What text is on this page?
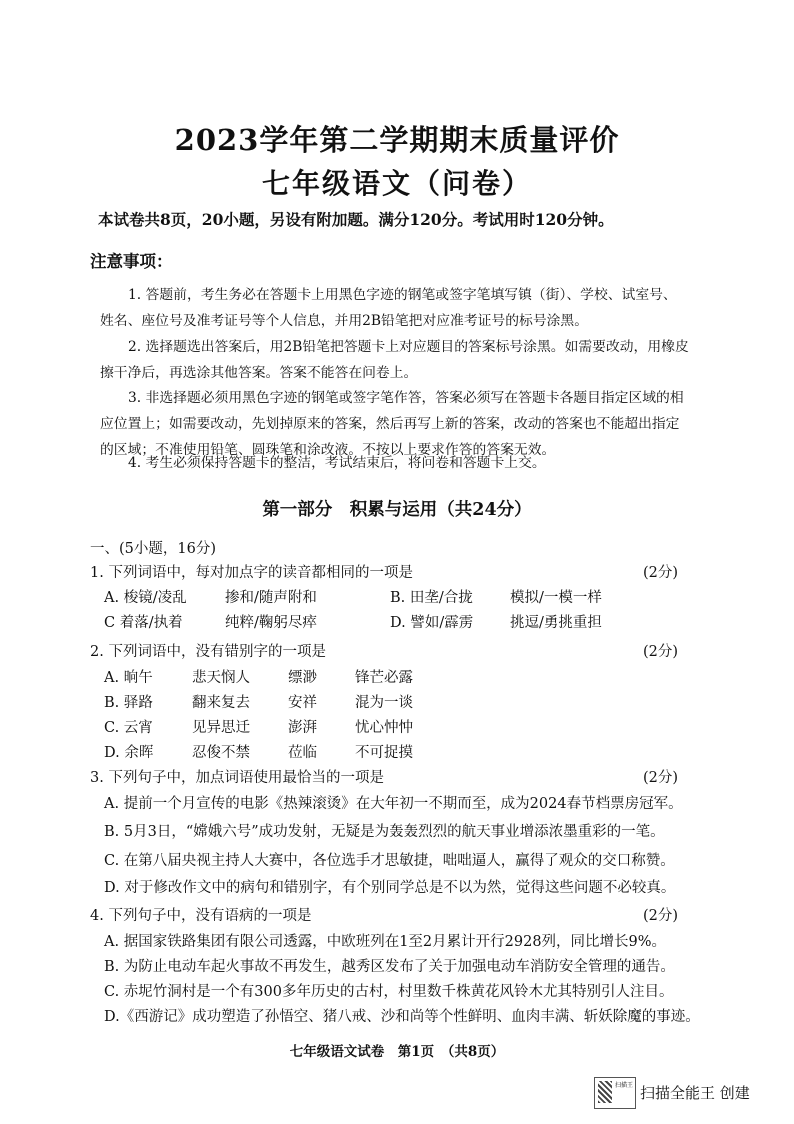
2023学年第二学期期末质量评价
七年级语文（问卷）
本试卷共8页，20小题，另设有附加题。满分120分。考试用时120分钟。
注意事项：
1. 答题前，考生务必在答题卡上用黑色字迹的钢笔或签字笔填写镇（街）、学校、试室号、姓名、座位号及准考证号等个人信息，并用2B铅笔把对应准考证号的标号涂黑。
2. 选择题选出答案后，用2B铅笔把答题卡上对应题目的答案标号涂黑。如需要改动，用橡皮擦干净后，再选涂其他答案。答案不能答在问卷上。
3. 非选择题必须用黑色字迹的钢笔或签字笔作答，答案必须写在答题卡各题目指定区域的相应位置上；如需要改动，先划掉原来的答案，然后再写上新的答案，改动的答案也不能超出指定的区域；不准使用铅笔、圆珠笔和涂改液。不按以上要求作答的答案无效。
4. 考生必须保持答题卡的整洁，考试结束后，将问卷和答题卡上交。
第一部分　积累与运用（共24分）
一、(5小题，16分)
1. 下列词语中，每对加点字的读音都相同的一项是	(2分)
A. 梭镜/凌乱	掺和/随声附和	B. 田垄/合拢	模拟/一模一样
C 着落/执着	纯粹/鞠躬尽瘁	D. 譬如/霹雳	挑逗/勇挑重担
2. 下列词语中，没有错别字的一项是	(2分)
A. 晌午	悲天悯人	缥渺	锋芒必露
B. 驿路	翻来复去	安祥	混为一谈
C. 云宵	见异思迁	澎湃	忧心忡忡
D. 余晖	忍俊不禁	莅临	不可捉摸
3. 下列句子中，加点词语使用最恰当的一项是	(2分)
A. 提前一个月宣传的电影《热辣滚烫》在大年初一不期而至，成为2024春节档票房冠军。
B. 5月3日，“嫦娥六号”成功发射，无疑是为轰轰烈烈的航天事业增添浓墨重彩的一笔。
C. 在第八届央视主持人大赛中，各位选手才思敏捷，咄咄逼人，赢得了观众的交口称赞。
D. 对于修改作文中的病句和错别字，有个别同学总是不以为然，觉得这些问题不必较真。
4. 下列句子中，没有语病的一项是	(2分)
A. 据国家铁路集团有限公司透露，中欧班列在1至2月累计开行2928列，同比增长9%。
B. 为防止电动车起火事故不再发生，越秀区发布了关于加强电动车消防安全管理的通告。
C. 赤坭竹洞村是一个有300多年历史的古村，村里数千株黄花风铃木尤其特别引人注目。
D.《西游记》成功塑造了孙悟空、猪八戒、沙和尚等个性鲜明、血肉丰满、斩妖除魔的事迹。
七年级语文试卷　第1页　（共8页）
扫描王 扫描全能王 创建
